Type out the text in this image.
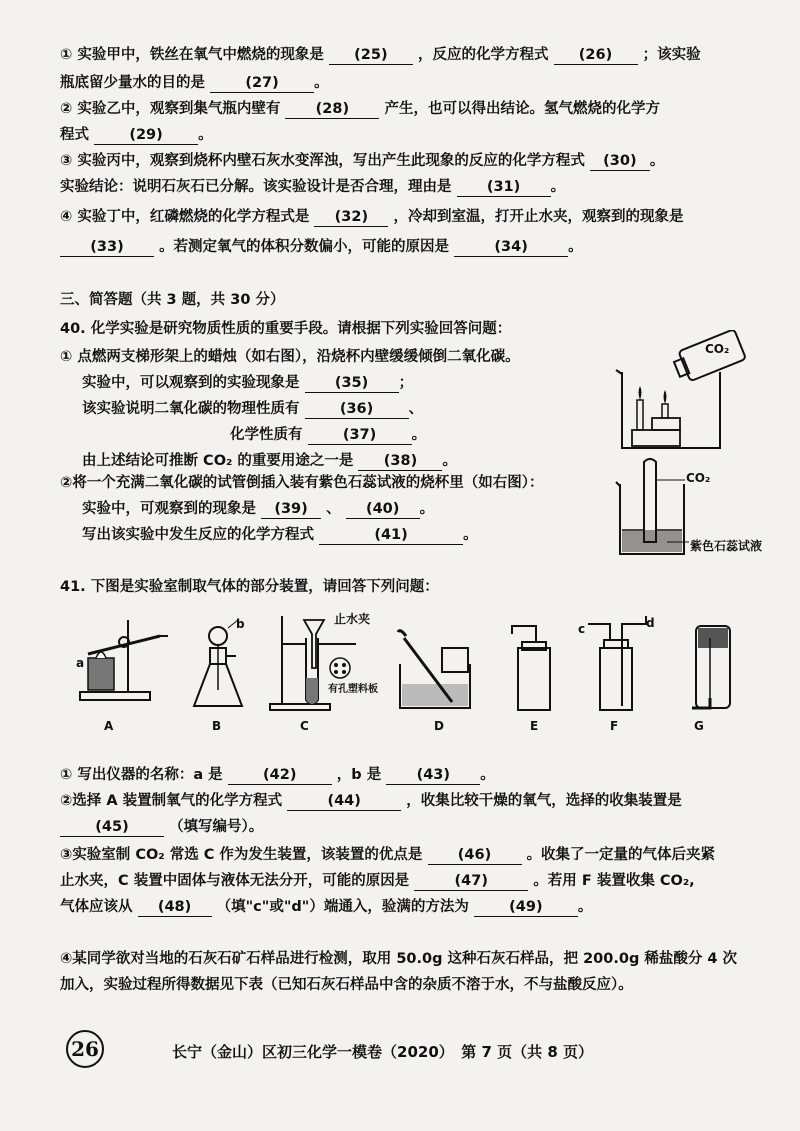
① 实验甲中，铁丝在氧气中燃烧的现象是 (25) ，反应的化学方程式 (26) ；该实验
瓶底留少量水的目的是	(27) 。
② 实验乙中，观察到集气瓶内壁有 (28) 产生，也可以得出结论。氢气燃烧的化学方
程式	(29) 。
③ 实验丙中，观察到烧杯内壁石灰水变浑浊，写出产生此现象的反应的化学方程式 (30) 。
实验结论：说明石灰石已分解。该实验设计是否合理，理由是 (31) 。
④ 实验丁中，红磷燃烧的化学方程式是 (32) ，冷却到室温，打开止水夹，观察到的现象是
(33) 。若测定氧气的体积分数偏小，可能的原因是	(34)	。
三、简答题（共 3 题，共 30 分）
40. 化学实验是研究物质性质的重要手段。请根据下列实验回答问题：
① 点燃两支梯形架上的蜡烛（如右图），沿烧杯内壁缓缓倾倒二氧化碳。
实验中，可以观察到的实验现象是 (35) ；
该实验说明二氧化碳的物理性质有	(36) 、
化学性质有	(37) 。
由上述结论可推断 CO₂ 的重要用途之一是 (38) 。
②将一个充满二氧化碳的试管倒插入装有紫色石蕊试液的烧杯里（如右图）：
实验中，可观察到的现象是 (39) 、 (40) 。
写出该实验中发生反应的化学方程式	(41)	。
CO₂
CO₂
紫色石蕊试液
41. 下图是实验室制取气体的部分装置，请回答下列问题：
a
b	c	d
止水夹
有孔塑料板
A	B	C	D	E	F	G
① 写出仪器的名称：a 是	(42)	，b 是 (43) 。
②选择 A 装置制氧气的化学方程式	(44)	，收集比较干燥的氧气，选择的收集装置是
(45)	（填写编号）。
③实验室制 CO₂ 常选 C 作为发生装置，该装置的优点是 (46) 。收集了一定量的气体后夹紧
止水夹，C 装置中固体与液体无法分开，可能的原因是	(47)	。若用 F 装置收集 CO₂,
气体应该从 (48) （填"c"或"d"）端通入，验满的方法为	(49) 。
④某同学欲对当地的石灰石矿石样品进行检测，取用 50.0g 这种石灰石样品，把 200.0g 稀盐酸分 4 次
加入，实验过程所得数据见下表（已知石灰石样品中含的杂质不溶于水，不与盐酸反应）。
26	长宁（金山）区初三化学一模卷（2020）　第 7 页（共 8 页）
